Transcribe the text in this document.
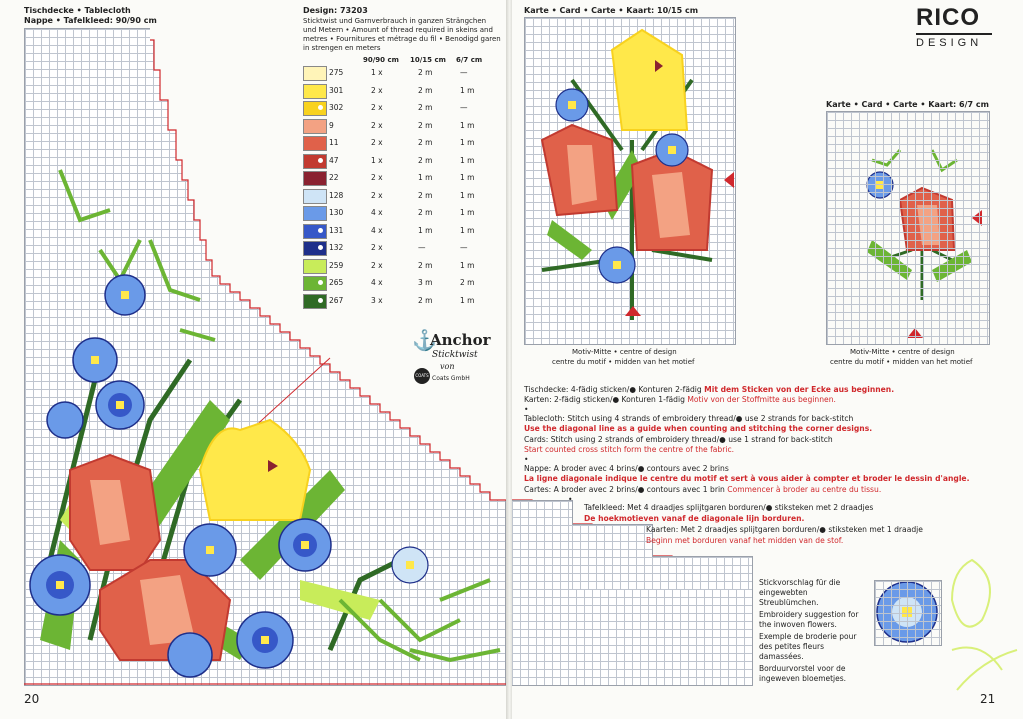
Tischdecke • Tablecloth
Nappe • Tafelkleed: 90/90 cm
Design: 73203
Sticktwist und Garnverbrauch in ganzen Strängchen
und Metern • Amount of thread required in skeins and
metres • Fournitures et métrage du fil • Benodigd garen
in strengen en meters
90/90 cm 10/15 cm 6/7 cm
275	1 x	2 m	—
301	2 x	2 m	1 m
302	2 x	2 m	—
9	2 x	2 m	1 m
11	2 x	2 m	1 m
47	1 x	2 m	1 m
22	2 x	1 m	1 m
128	2 x	2 m	1 m
130	4 x	2 m	1 m
131	4 x	1 m	1 m
132	2 x	—	—
259	2 x	2 m	1 m
265	4 x	3 m	2 m
267	3 x	2 m	1 m
⚓
Anchor
Sticktwist
von
COATS Coats GmbH
20
Karte • Card • Carte • Kaart: 10/15 cm	RICO
DESIGN
Motiv-Mitte • centre of design
centre du motif • midden van het motief
Karte • Card • Carte • Kaart: 6/7 cm
Motiv-Mitte • centre of design
centre du motif • midden van het motief
Tischdecke: 4-fädig sticken/● Konturen 2-fädig Mit dem Sticken von der Ecke aus beginnen.
Karten: 2-fädig sticken/● Konturen 1-fädig Motiv von der Stoffmitte aus beginnen.
•
Tablecloth: Stitch using 4 strands of embroidery thread/● use 2 strands for back-stitch
Use the diagonal line as a guide when counting and stitching the corner designs.
Cards: Stitch using 2 strands of embroidery thread/● use 1 strand for back-stitch
Start counted cross stitch form the centre of the fabric.
•
Nappe: A broder avec 4 brins/● contours avec 2 brins
La ligne diagonale indique le centre du motif et sert à vous aider à compter et broder le dessin d'angle.
Cartes: A broder avec 2 brins/● contours avec 1 brin Commencer à broder au centre du tissu.
•
Tafelkleed: Met 4 draadjes splijtgaren borduren/● stiksteken met 2 draadjes
De hoekmotieven vanaf de diagonale lijn borduren.
Kaarten: Met 2 draadjes splijtgaren borduren/● stiksteken met 1 draadje
Beginn met borduren vanaf het midden van de stof.
Stickvorschlag für die
eingewebten Streublümchen.
Embroidery suggestion for
the inwoven flowers.
Exemple de broderie pour
des petites fleurs damassées.
Borduurvorstel voor de
ingeweven bloemetjes.
21
